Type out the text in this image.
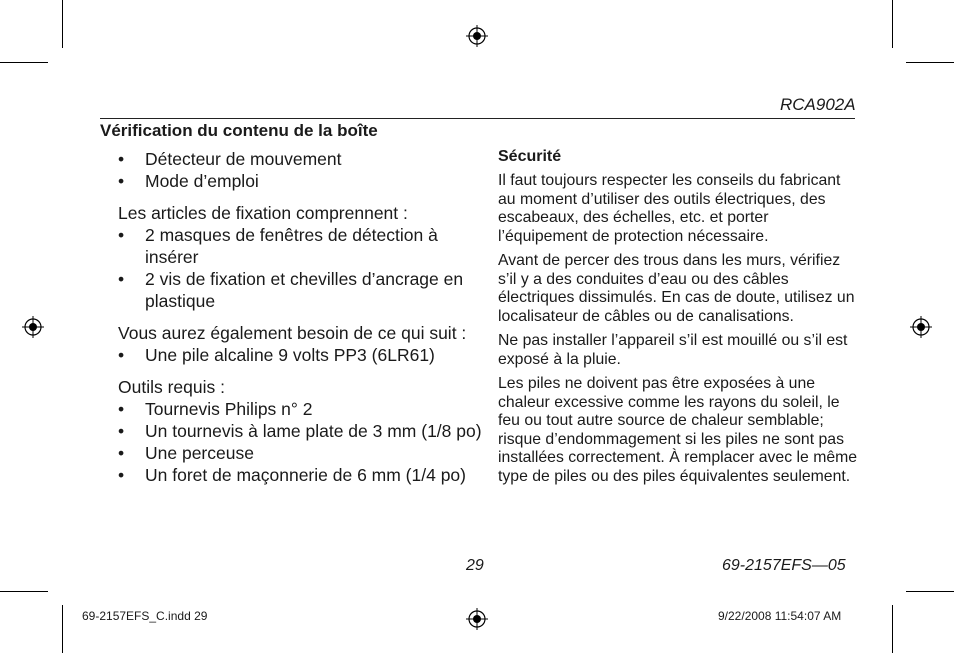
RCA902A
Vérification du contenu de la boîte
• Détecteur de mouvement
• Mode d’emploi
Les articles de fixation comprennent :
• 2 masques de fenêtres de détection à insérer
• 2 vis de fixation et chevilles d’ancrage en plastique
Vous aurez également besoin de ce qui suit :
• Une pile alcaline 9 volts PP3 (6LR61)
Outils requis :
• Tournevis Philips n° 2
• Un tournevis à lame plate de 3 mm (1/8 po)
• Une perceuse
• Un foret de maçonnerie de 6 mm (1/4 po)
Sécurité

Il faut toujours respecter les conseils du fabricant au moment d’utiliser des outils électriques, des escabeaux, des échelles, etc. et porter l’équipement de protection nécessaire.

Avant de percer des trous dans les murs, vérifiez s’il y a des conduites d’eau ou des câbles électriques dissimulés. En cas de doute, utilisez un localisateur de câbles ou de canalisations.

Ne pas installer l’appareil s’il est mouillé ou s’il est exposé à la pluie.

Les piles ne doivent pas être exposées à une chaleur excessive comme les rayons du soleil, le feu ou tout autre source de chaleur semblable; risque d’endommagement si les piles ne sont pas installées correctement. À remplacer avec le même type de piles ou des piles équivalentes seulement.

29	69-2157EFS—05
69-2157EFS_C.indd 29	9/22/2008 11:54:07 AM
